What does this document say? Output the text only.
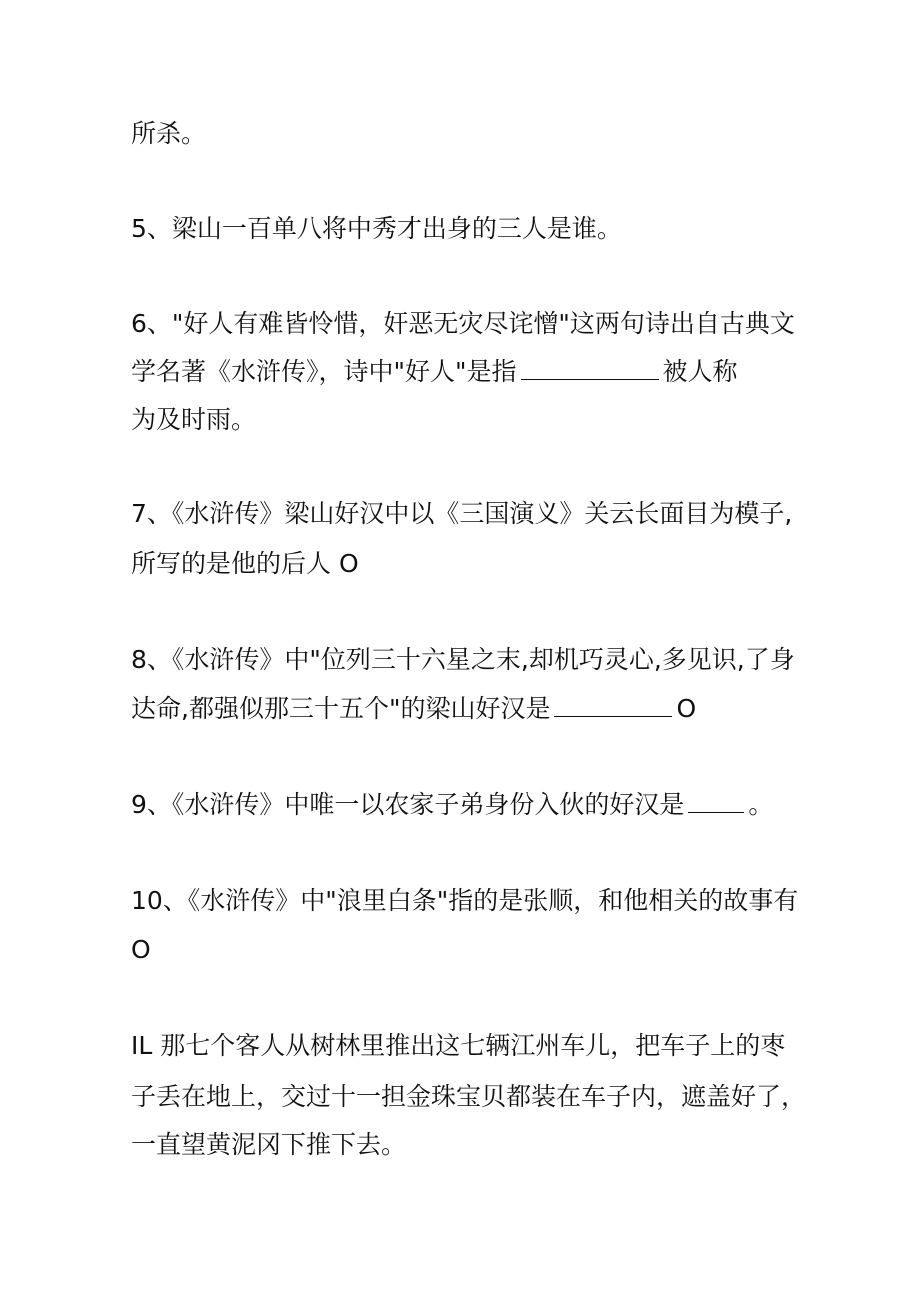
所杀。
5、梁山一百单八将中秀才出身的三人是谁。
6、"好人有难皆怜惜，奸恶无灾尽诧憎"这两句诗出自古典文
学名著《水浒传》，诗中"好人"是指	被人称
为及时雨。
7、《水浒传》梁山好汉中以《三国演义》关云长面目为模子,
所写的是他的后人 O
8、《水浒传》中"位列三十六星之末,却机巧灵心,多见识,了身
达命,都强似那三十五个"的梁山好汉是	O
9、《水浒传》中唯一以农家子弟身份入伙的好汉是	。
10、《水浒传》中"浪里白条"指的是张顺，和他相关的故事有
O
IL 那七个客人从树林里推出这七辆江州车儿，把车子上的枣
子丢在地上，交过十一担金珠宝贝都装在车子内，遮盖好了，
一直望黄泥冈下推下去。
